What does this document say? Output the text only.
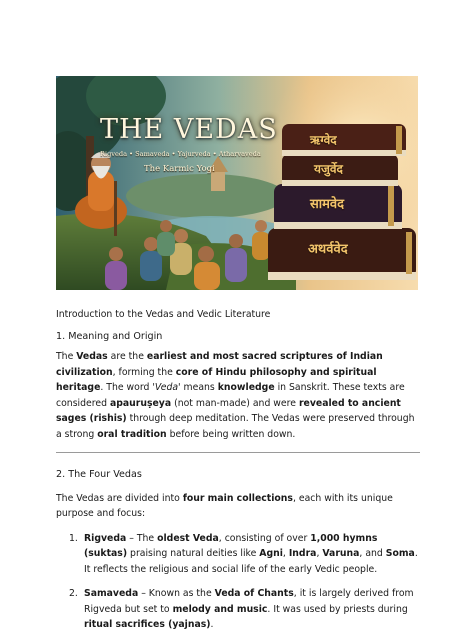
THE VEDAS
Rigveda • Samaveda • Yajurveda • Atharvaveda
The Karmic Yogi
ऋग्वेद
यजुर्वेद
सामवेद
अथर्ववेद

Introduction to the Vedas and Vedic Literature

1. Meaning and Origin

The Vedas are the earliest and most sacred scriptures of Indian civilization, forming the core of Hindu philosophy and spiritual heritage. The word 'Veda' means knowledge in Sanskrit. These texts are considered apauruṣeya (not man-made) and were revealed to ancient sages (rishis) through deep meditation. The Vedas were preserved through a strong oral tradition before being written down.

2. The Four Vedas

The Vedas are divided into four main collections, each with its unique purpose and focus:

1. Rigveda – The oldest Veda, consisting of over 1,000 hymns (suktas) praising natural deities like Agni, Indra, Varuna, and Soma. It reflects the religious and social life of the early Vedic people.
2. Samaveda – Known as the Veda of Chants, it is largely derived from Rigveda but set to melody and music. It was used by priests during ritual sacrifices (yajnas).
